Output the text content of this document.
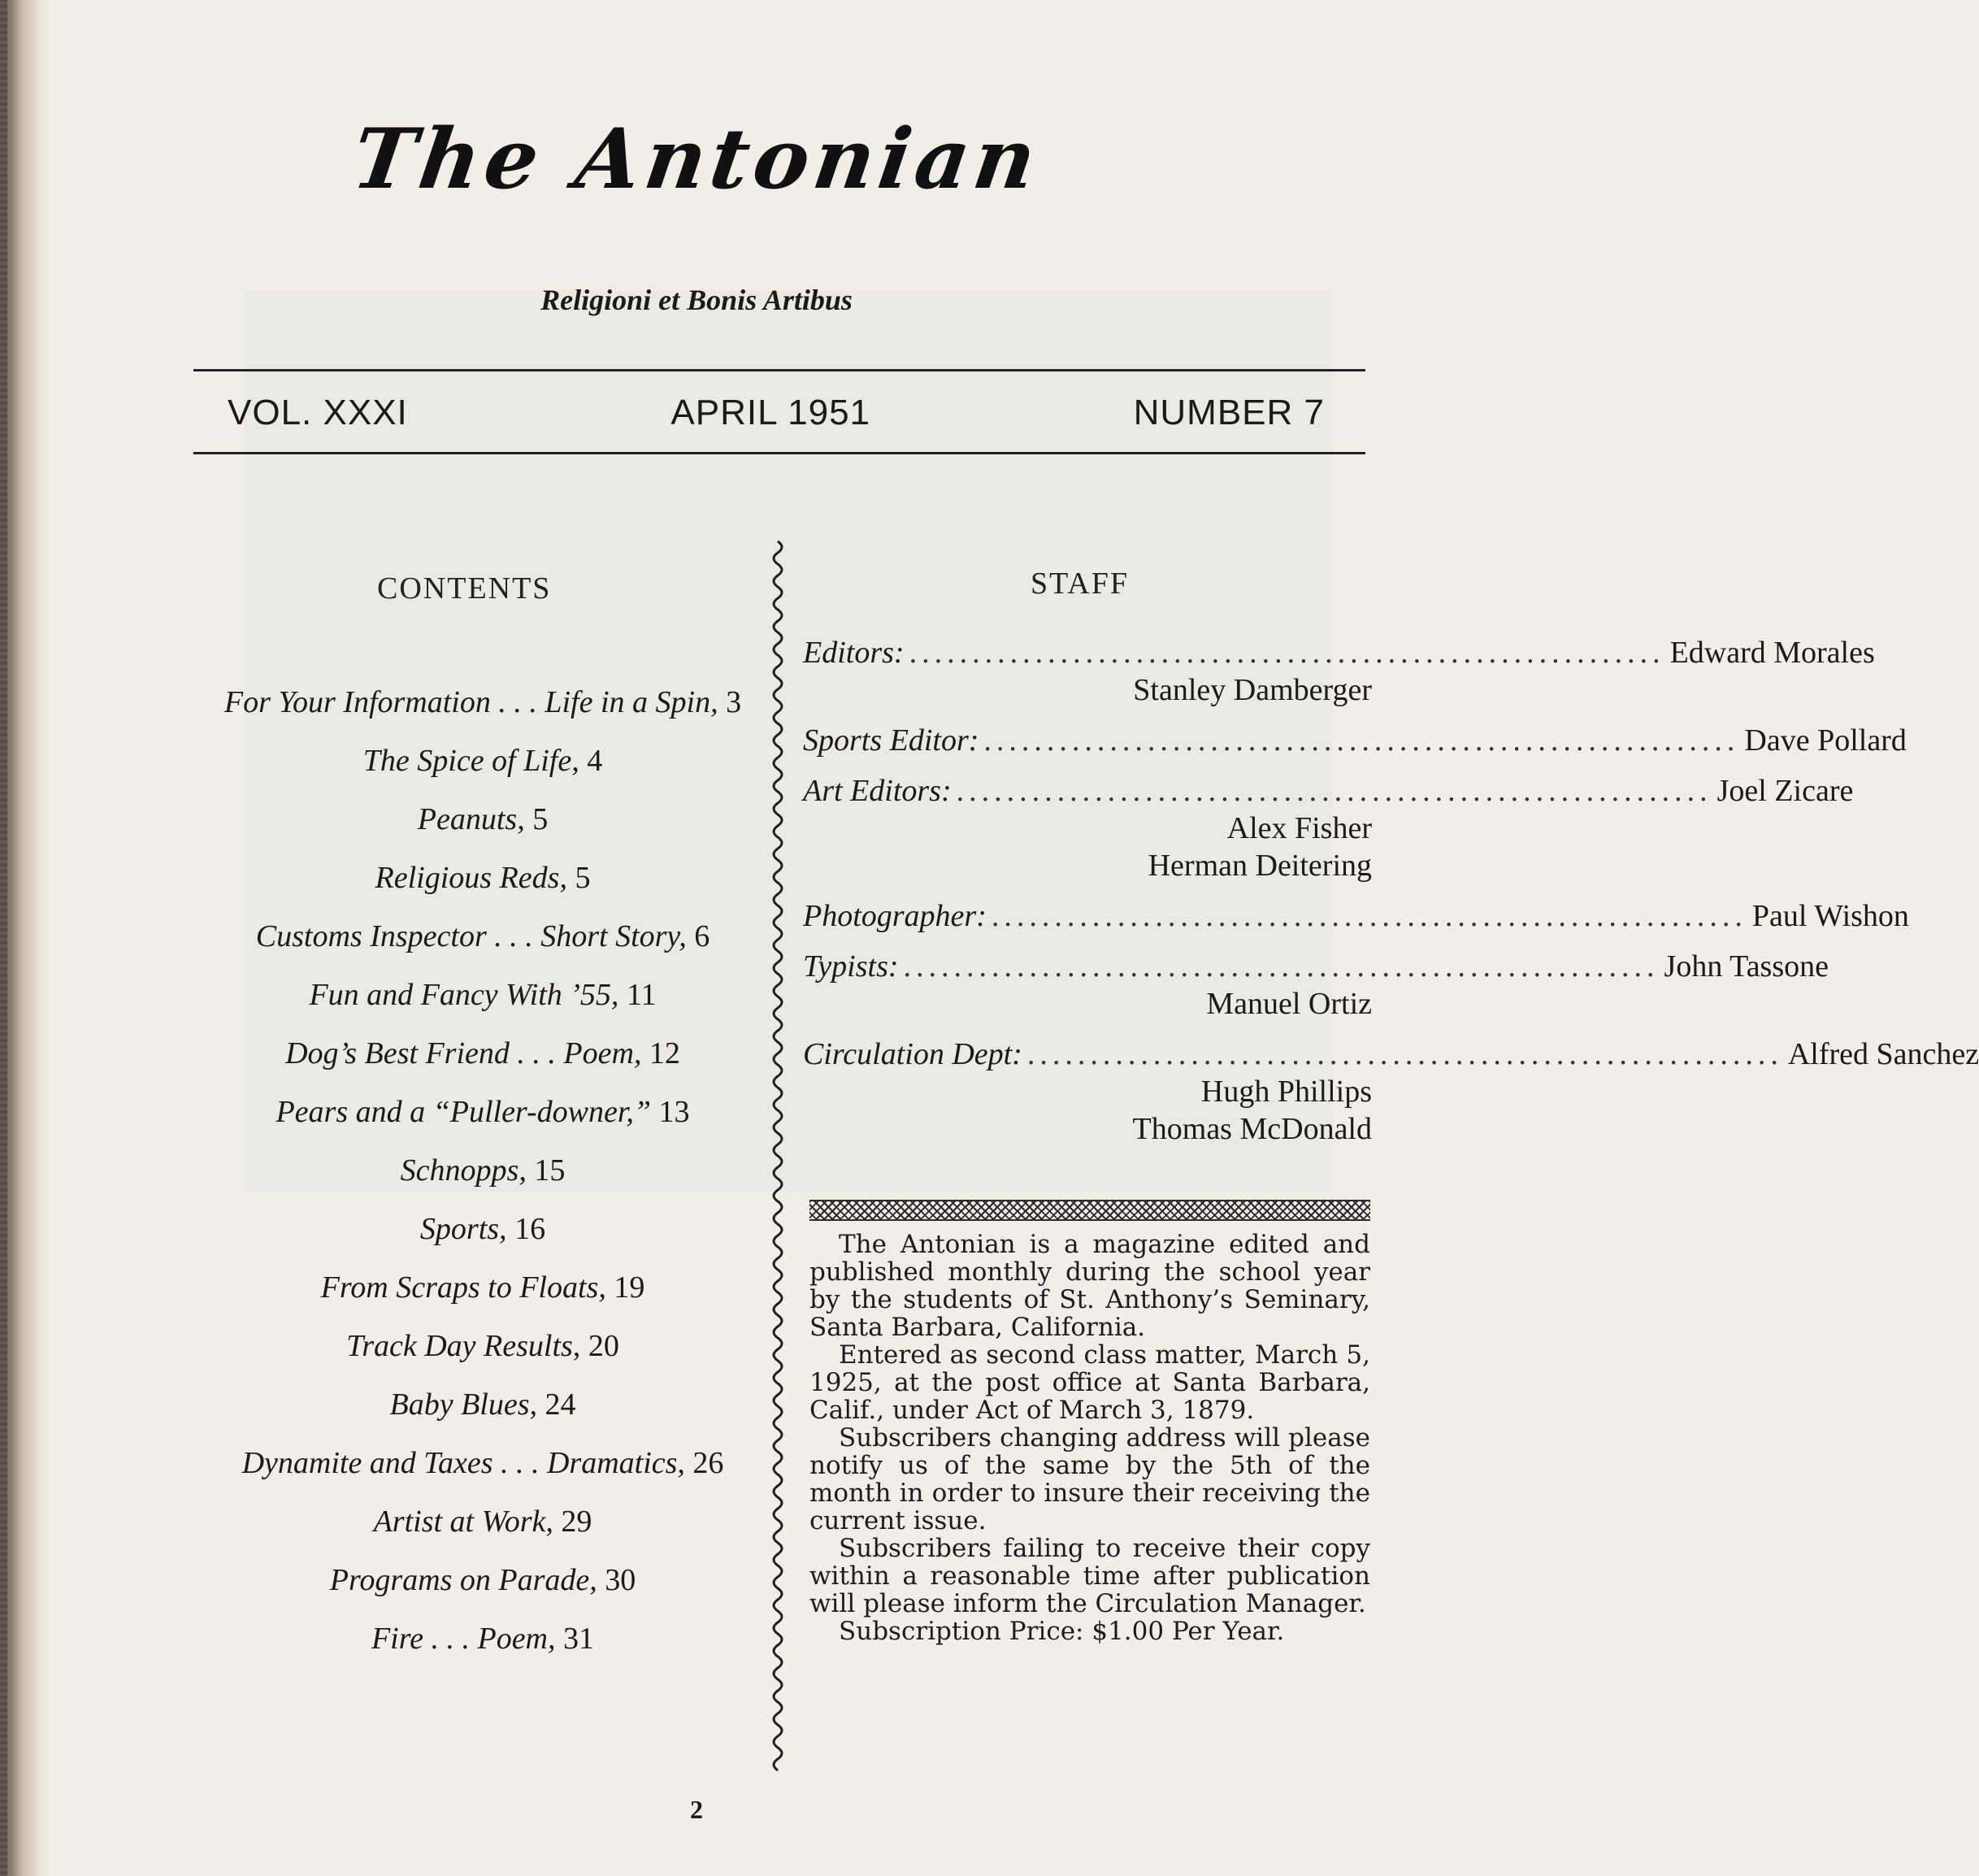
The Antonian
Religioni et Bonis Artibus
VOL. XXXI	APRIL 1951	NUMBER 7
CONTENTS	STAFF
For Your Information . . . Life in a Spin, 3
The Spice of Life, 4
Peanuts, 5
Religious Reds, 5
Customs Inspector . . . Short Story, 6
Fun and Fancy With ’55, 11
Dog’s Best Friend . . . Poem, 12
Pears and a “Puller-downer,” 13
Schnopps, 15
Sports, 16
From Scraps to Floats, 19
Track Day Results, 20
Baby Blues, 24
Dynamite and Taxes . . . Dramatics, 26
Artist at Work, 29
Programs on Parade, 30
Fire . . . Poem, 31
Editors: ............................................................ Edward Morales
Stanley Damberger
Sports Editor: ............................................................ Dave Pollard
Art Editors: ............................................................ Joel Zicare
Alex Fisher
Herman Deitering
Photographer: ............................................................ Paul Wishon
Typists: ............................................................ John Tassone
Manuel Ortiz
Circulation Dept: ............................................................ Alfred Sanchez
Hugh Phillips
Thomas McDonald

The Antonian is a magazine edited and published monthly during the school year by the students of St. Anthony’s Seminary, Santa Barbara, California.

Entered as second class matter, March 5, 1925, at the post office at Santa Barbara, Calif., under Act of March 3, 1879.

Subscribers changing address will please notify us of the same by the 5th of the month in order to insure their receiving the current issue.

Subscribers failing to receive their copy within a reasonable time after publication will please inform the Circulation Manager.

Subscription Price: $1.00 Per Year.

2
